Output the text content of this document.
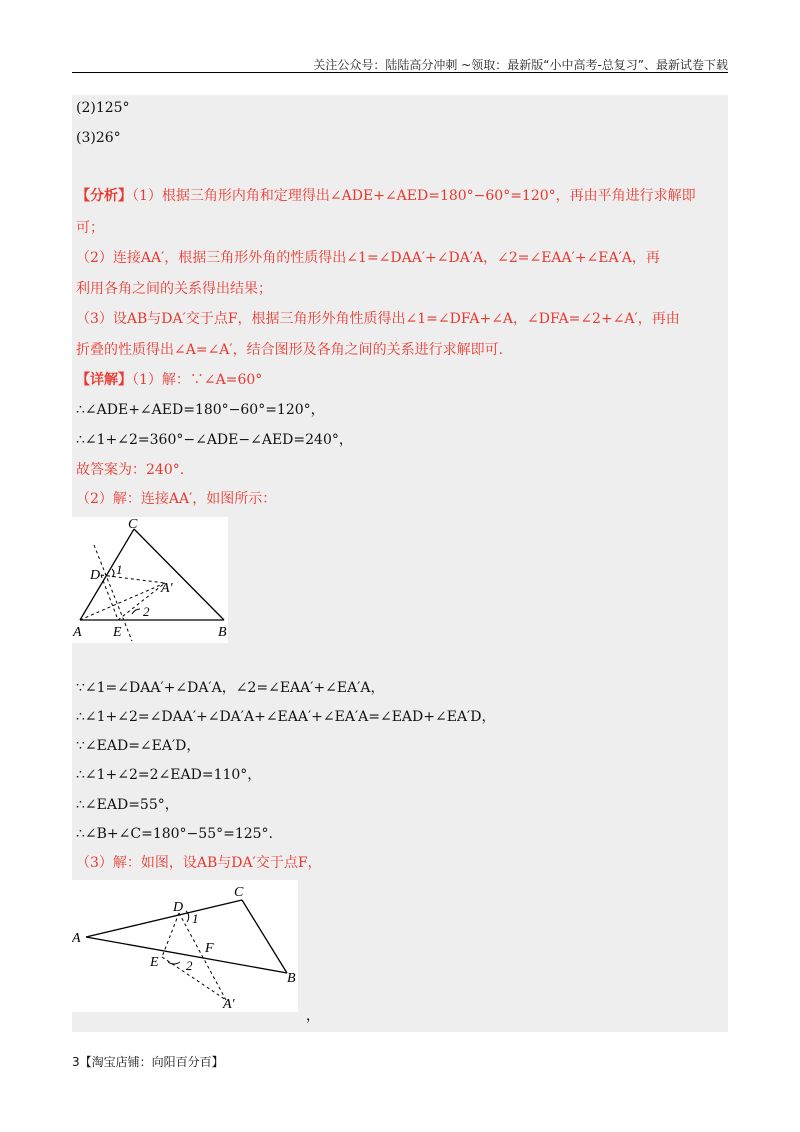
关注公众号：陆陆高分冲刺 ~领取：最新版“小中高考-总复习”、最新试卷下载
(2)125°
(3)26°
【分析】（1）根据三角形内角和定理得出∠ADE+∠AED=180°−60°=120°，再由平角进行求解即
可；
（2）连接AA′，根据三角形外角的性质得出∠1=∠DAA′+∠DA′A，∠2=∠EAA′+∠EA′A，再
利用各角之间的关系得出结果；
（3）设AB与DA′交于点F，根据三角形外角性质得出∠1=∠DFA+∠A，∠DFA=∠2+∠A′，再由
折叠的性质得出∠A=∠A′，结合图形及各角之间的关系进行求解即可.
【详解】（1）解：∵∠A=60°
∴∠ADE+∠AED=180°−60°=120°，
∴∠1+∠2=360°−∠ADE−∠AED=240°，
故答案为：240°.
（2）解：连接AA′，如图所示：
C
D 1
A′
2
A E	B
∵∠1=∠DAA′+∠DA′A，∠2=∠EAA′+∠EA′A，
∴∠1+∠2=∠DAA′+∠DA′A+∠EAA′+∠EA′A=∠EAD+∠EA′D，
∵∠EAD=∠EA′D，
∴∠1+∠2=2∠EAD=110°，
∴∠EAD=55°，
∴∠B+∠C=180°−55°=125°.
（3）解：如图，设AB与DA′交于点F，
C
D
1
A
F
E 2
B
A′
，
3【淘宝店铺：向阳百分百】
